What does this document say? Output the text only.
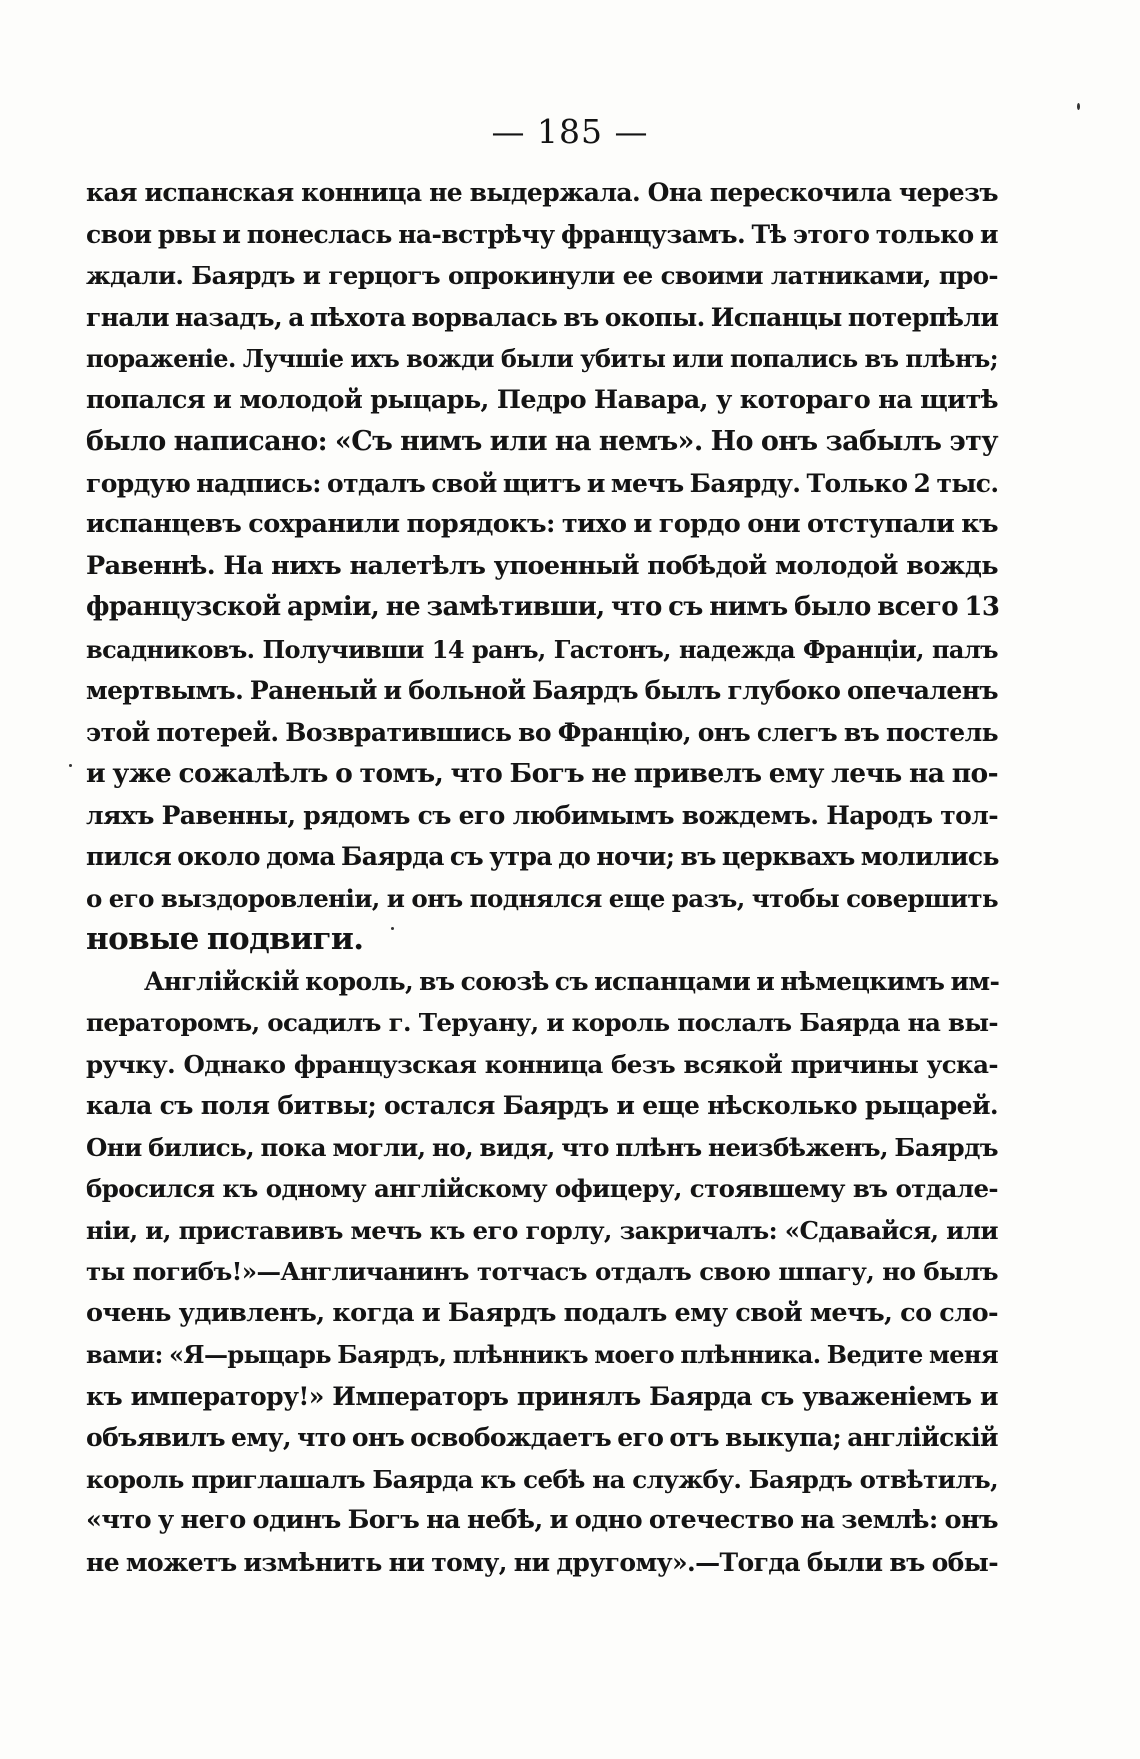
— 185 —
кая испанская конница не выдержала. Она перескочила черезъ
свои рвы и понеслась на-встрѣчу французамъ. Тѣ этого только и
ждали. Баярдъ и герцогъ опрокинули ее своими латниками, про-
гнали назадъ, а пѣхота ворвалась въ окопы. Испанцы потерпѣли
пораженіе. Лучшіе ихъ вожди были убиты или попались въ плѣнъ;
попался и молодой рыцарь, Педро Навара, у котораго на щитѣ
было написано: «Съ нимъ или на немъ». Но онъ забылъ эту
гордую надпись: отдалъ свой щитъ и мечъ Баярду. Только 2 тыс.
испанцевъ сохранили порядокъ: тихо и гордо они отступали къ
Равеннѣ. На нихъ налетѣлъ упоенный побѣдой молодой вождь
французской арміи, не замѣтивши, что съ нимъ было всего 13
всадниковъ. Получивши 14 ранъ, Гастонъ, надежда Франціи, палъ
мертвымъ. Раненый и больной Баярдъ былъ глубоко опечаленъ
этой потерей. Возвратившись во Францію, онъ слегъ въ постель
и уже сожалѣлъ о томъ, что Богъ не привелъ ему лечь на по-
ляхъ Равенны, рядомъ съ его любимымъ вождемъ. Народъ тол-
пился около дома Баярда съ утра до ночи; въ церквахъ молились
о его выздоровленіи, и онъ поднялся еще разъ, чтобы совершить
новые подвиги.
Англійскій король, въ союзѣ съ испанцами и нѣмецкимъ им-
ператоромъ, осадилъ г. Теруану, и король послалъ Баярда на вы-
ручку. Однако французская конница безъ всякой причины уска-
кала съ поля битвы; остался Баярдъ и еще нѣсколько рыцарей.
Они бились, пока могли, но, видя, что плѣнъ неизбѣженъ, Баярдъ
бросился къ одному англійскому офицеру, стоявшему въ отдале-
ніи, и, приставивъ мечъ къ его горлу, закричалъ: «Сдавайся, или
ты погибъ!»—Англичанинъ тотчасъ отдалъ свою шпагу, но былъ
очень удивленъ, когда и Баярдъ подалъ ему свой мечъ, со сло-
вами: «Я—рыцарь Баярдъ, плѣнникъ моего плѣнника. Ведите меня
къ императору!» Императоръ принялъ Баярда съ уваженіемъ и
объявилъ ему, что онъ освобождаетъ его отъ выкупа; англійскій
король приглашалъ Баярда къ себѣ на службу. Баярдъ отвѣтилъ,
«что у него одинъ Богъ на небѣ, и одно отечество на землѣ: онъ
не можетъ измѣнить ни тому, ни другому».—Тогда были въ обы-
